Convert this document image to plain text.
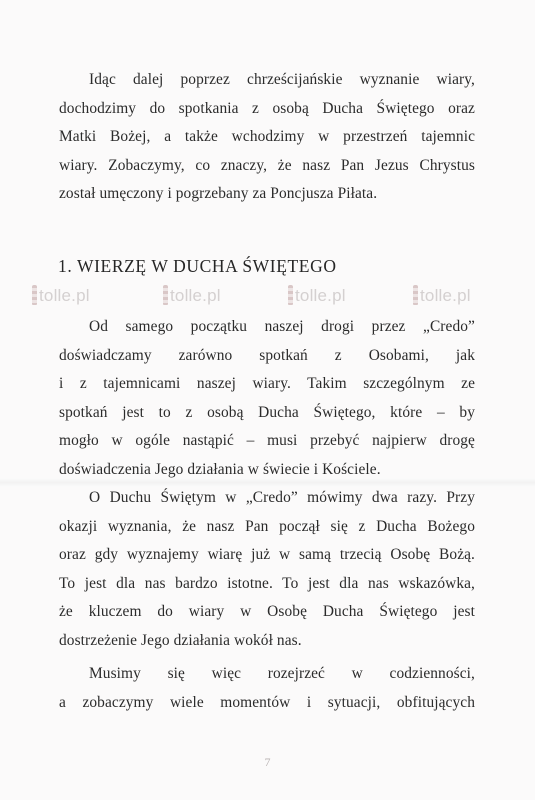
Idąc dalej poprzez chrześcijańskie wyznanie wiary,
dochodzimy do spotkania z osobą Ducha Świętego oraz
Matki Bożej, a także wchodzimy w przestrzeń tajemnic
wiary. Zobaczymy, co znaczy, że nasz Pan Jezus Chrystus
został umęczony i pogrzebany za Poncjusza Piłata.
1. WIERZĘ W DUCHA ŚWIĘTEGO
tolle.pl	tolle.pl	tolle.pl	tolle.pl
Od samego początku naszej drogi przez „Credo”
doświadczamy zarówno spotkań z Osobami, jak
i z tajemnicami naszej wiary. Takim szczególnym ze
spotkań jest to z osobą Ducha Świętego, które – by
mogło w ogóle nastąpić – musi przebyć najpierw drogę
doświadczenia Jego działania w świecie i Kościele.
O Duchu Świętym w „Credo” mówimy dwa razy. Przy
okazji wyznania, że nasz Pan począł się z Ducha Bożego
oraz gdy wyznajemy wiarę już w samą trzecią Osobę Bożą.
To jest dla nas bardzo istotne. To jest dla nas wskazówka,
że kluczem do wiary w Osobę Ducha Świętego jest
dostrzeżenie Jego działania wokół nas.
Musimy się więc rozejrzeć w codzienności,
a zobaczymy wiele momentów i sytuacji, obfitujących
7
